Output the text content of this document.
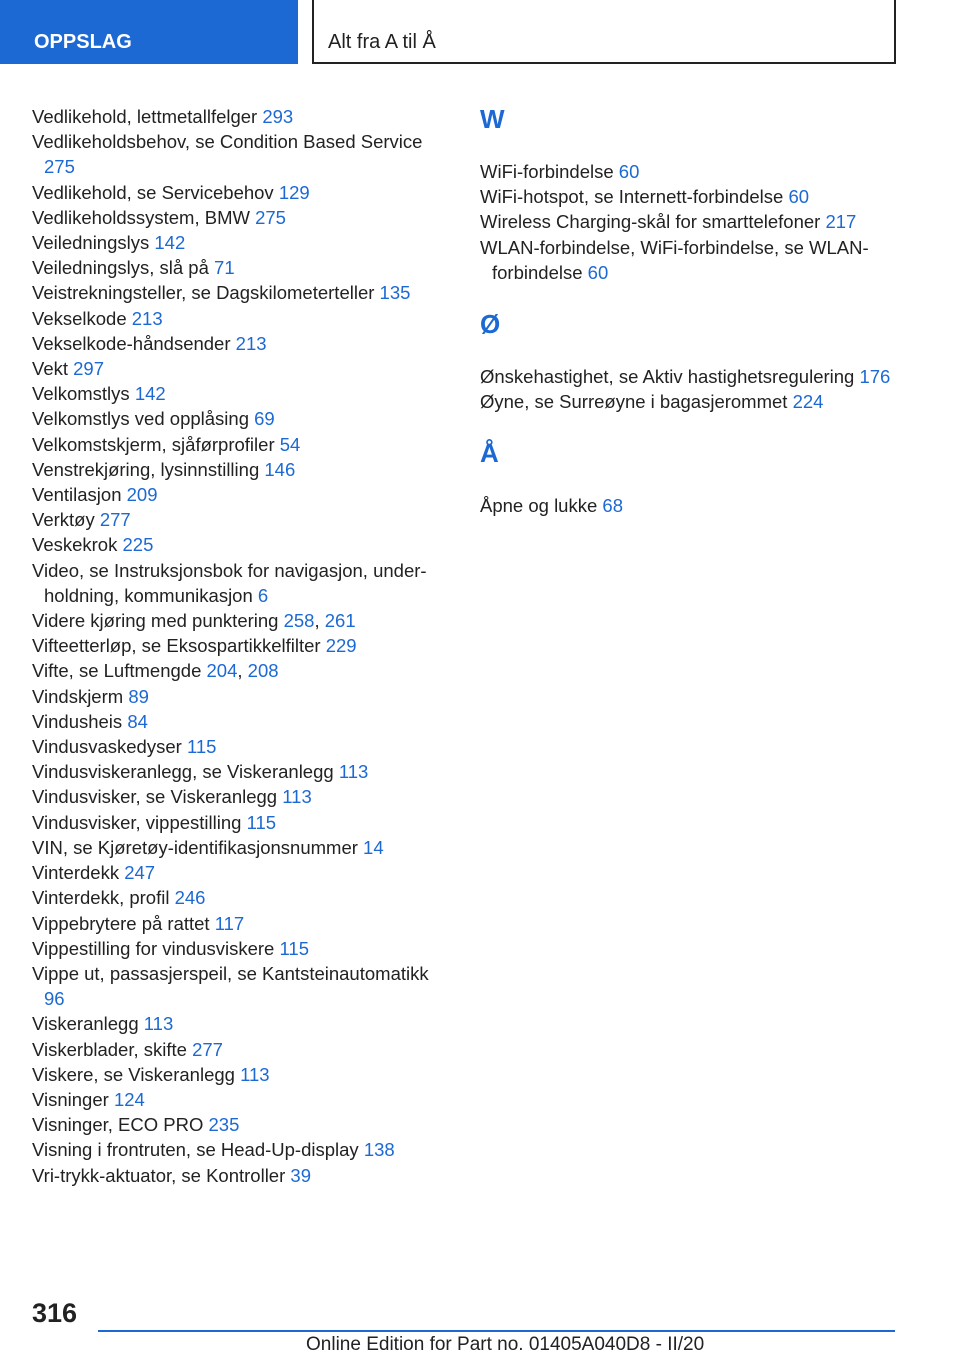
OPPSLAG	Alt fra A til Å
Vedlikehold, lettmetallfelger 293
Vedlikeholdsbehov, se Condition Based Service 275
Vedlikehold, se Servicebehov 129
Vedlikeholdssystem, BMW 275
Veiledningslys 142
Veiledningslys, slå på 71
Veistrekningsteller, se Dagskilometerteller 135
Vekselkode 213
Vekselkode-håndsender 213
Vekt 297
Velkomstlys 142
Velkomstlys ved opplåsing 69
Velkomstskjerm, sjåførprofiler 54
Venstrekjøring, lysinnstilling 146
Ventilasjon 209
Verktøy 277
Veskekrok 225
Video, se Instruksjonsbok for navigasjon, underholdning, kommunikasjon 6
Videre kjøring med punktering 258, 261
Vifteetterløp, se Eksospartikkelfilter 229
Vifte, se Luftmengde 204, 208
Vindskjerm 89
Vindusheis 84
Vindusvaskedyser 115
Vindusviskeranlegg, se Viskeranlegg 113
Vindusvisker, se Viskeranlegg 113
Vindusvisker, vippestilling 115
VIN, se Kjøretøy-identifikasjonsnummer 14
Vinterdekk 247
Vinterdekk, profil 246
Vippebrytere på rattet 117
Vippestilling for vindusviskere 115
Vippe ut, passasjerspeil, se Kantsteinautomatikk 96
Viskeranlegg 113
Viskerblader, skifte 277
Viskere, se Viskeranlegg 113
Visninger 124
Visninger, ECO PRO 235
Visning i frontruten, se Head-Up-display 138
Vri-trykk-aktuator, se Kontroller 39
W
WiFi-forbindelse 60
WiFi-hotspot, se Internett-forbindelse 60
Wireless Charging-skål for smarttelefoner 217
WLAN-forbindelse, WiFi-forbindelse, se WLAN-forbindelse 60
Ø
Ønskehastighet, se Aktiv hastighetsregulering 176
Øyne, se Surreøyne i bagasjerommet 224
Å
Åpne og lukke 68
316
Online Edition for Part no. 01405A040D8 - II/20
